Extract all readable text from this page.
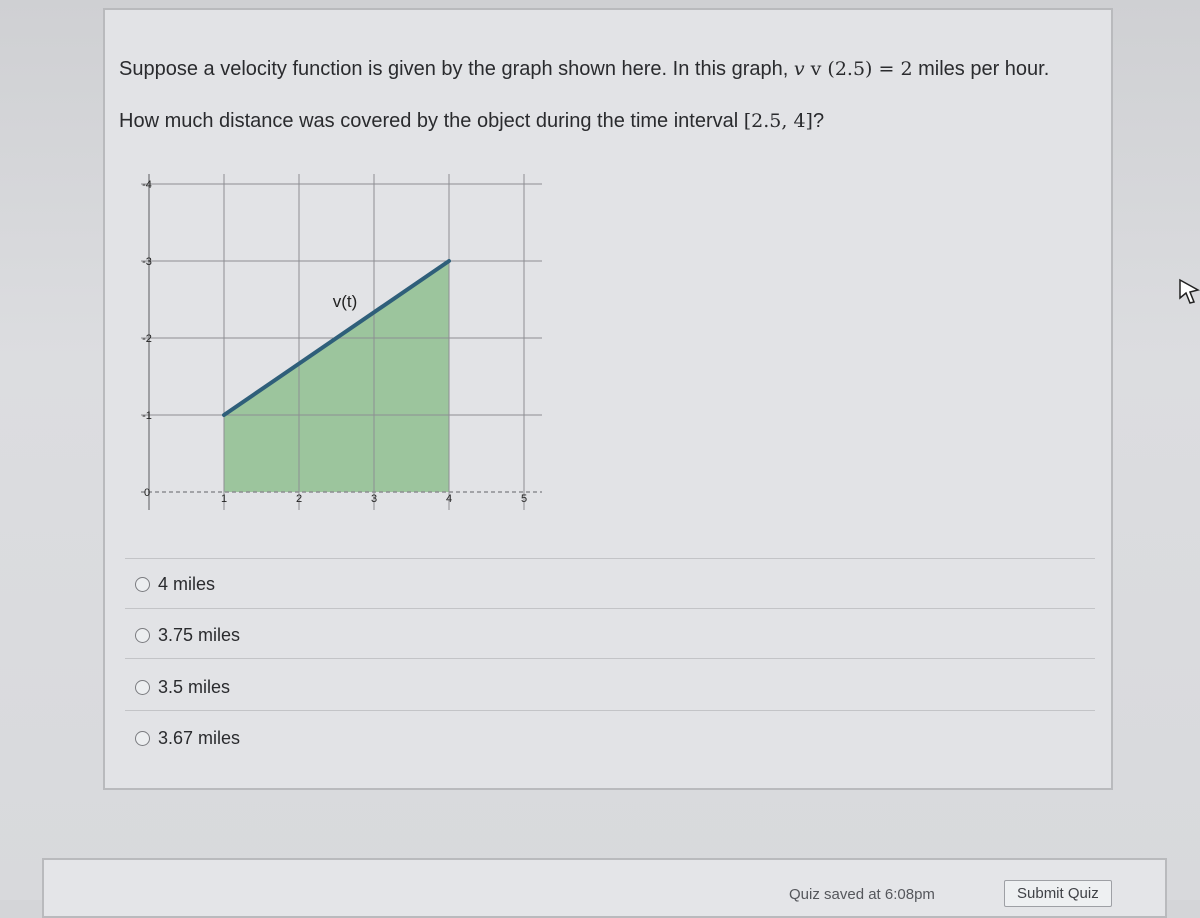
Suppose a velocity function is given by the graph shown here. In this graph, v v (2.5) = 2 miles per hour.
How much distance was covered by the object during the time interval [2.5, 4]?
1	2	3	4	5
-4
-3
-2
-1
0
v(t)
4 miles
3.75 miles
3.5 miles
3.67 miles
Quiz saved at 6:08pm	Submit Quiz
